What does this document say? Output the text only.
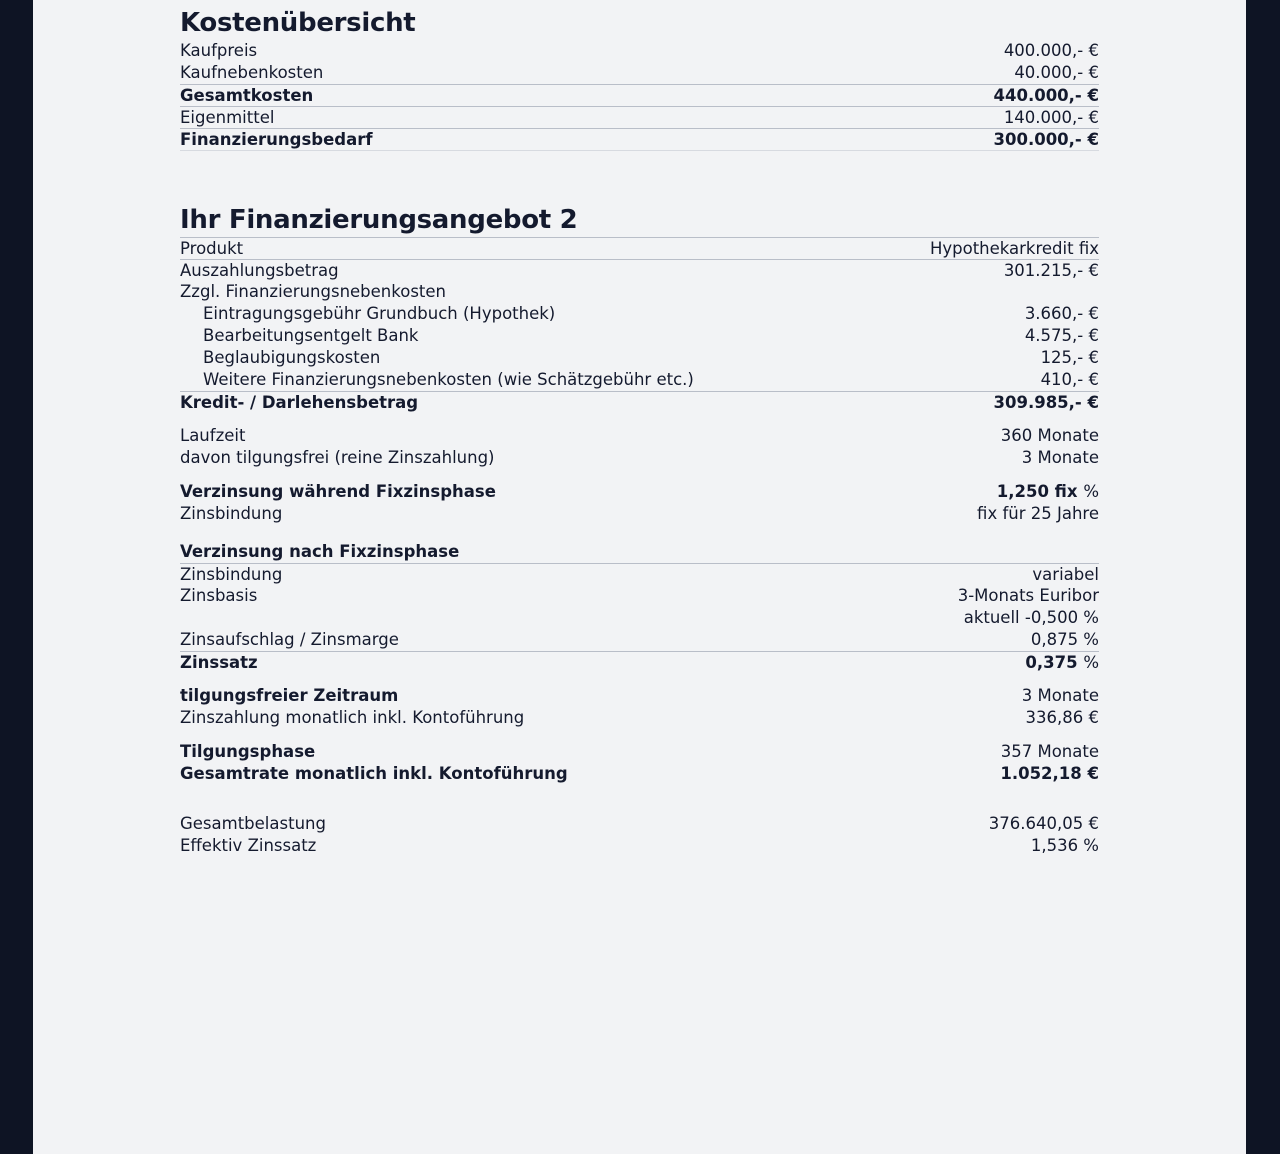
Kostenübersicht
Kaufpreis	400.000,- €
Kaufnebenkosten	40.000,- €
Gesamtkosten	440.000,- €
Eigenmittel	140.000,- €
Finanzierungsbedarf	300.000,- €
Ihr Finanzierungsangebot 2
Produkt	Hypothekarkredit fix
Auszahlungsbetrag	301.215,- €
Zzgl. Finanzierungsnebenkosten
Eintragungsgebühr Grundbuch (Hypothek)	3.660,- €
Bearbeitungsentgelt Bank	4.575,- €
Beglaubigungskosten	125,- €
Weitere Finanzierungsnebenkosten (wie Schätzgebühr etc.)	410,- €
Kredit- / Darlehensbetrag	309.985,- €
Laufzeit	360 Monate
davon tilgungsfrei (reine Zinszahlung)	3 Monate
Verzinsung während Fixzinsphase	1,250 fix %
Zinsbindung	fix für 25 Jahre
Verzinsung nach Fixzinsphase
Zinsbindung	variabel
Zinsbasis	3-Monats Euribor
aktuell -0,500 %
Zinsaufschlag / Zinsmarge	0,875 %
Zinssatz	0,375 %
tilgungsfreier Zeitraum	3 Monate
Zinszahlung monatlich inkl. Kontoführung	336,86 €
Tilgungsphase	357 Monate
Gesamtrate monatlich inkl. Kontoführung	1.052,18 €
Gesamtbelastung	376.640,05 €
Effektiv Zinssatz	1,536 %
